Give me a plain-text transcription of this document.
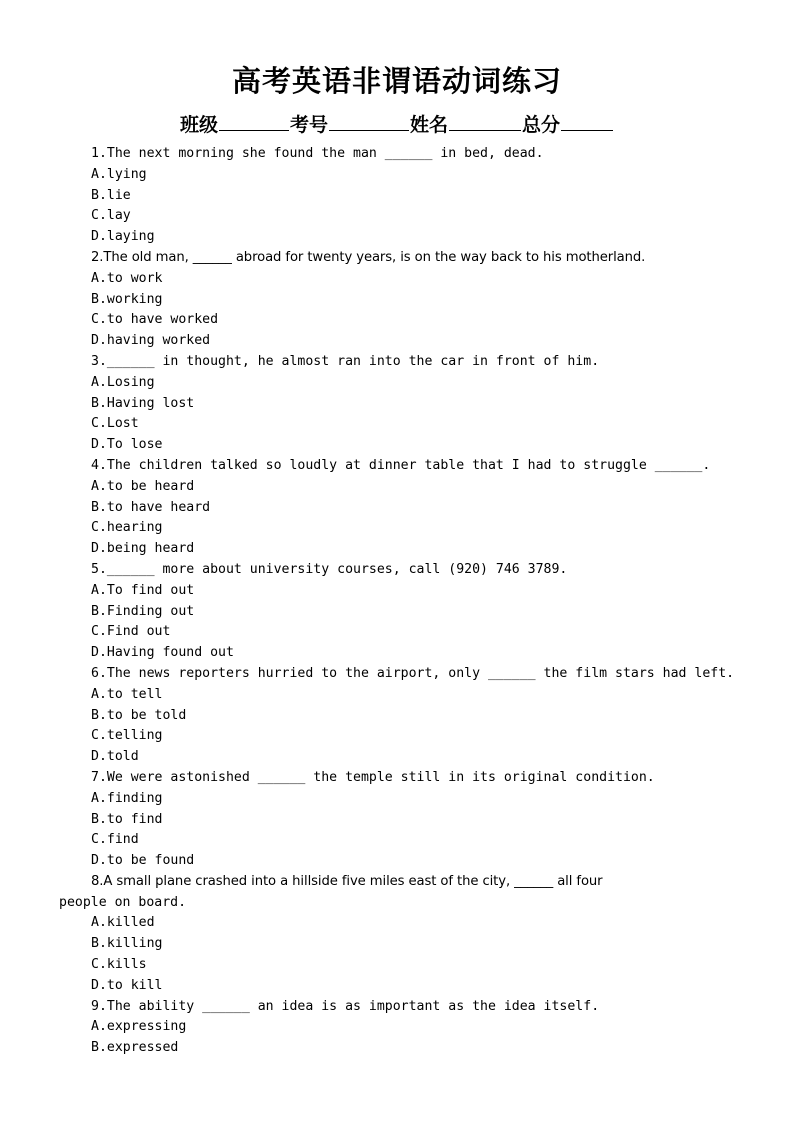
高考英语非谓语动词练习
班级	考号	姓名	总分
1.The next morning she found the man ______ in bed, dead.
A.lying
B.lie
C.lay
D.laying
2.The old man, ______ abroad for twenty years, is on the way back to his motherland.
A.to work
B.working
C.to have worked
D.having worked
3.______ in thought, he almost ran into the car in front of him.
A.Losing
B.Having lost
C.Lost
D.To lose
4.The children talked so loudly at dinner table that I had to struggle ______.
A.to be heard
B.to have heard
C.hearing
D.being heard
5.______ more about university courses, call (920) 746 3789.
A.To find out
B.Finding out
C.Find out
D.Having found out
6.The news reporters hurried to the airport, only ______ the film stars had left.
A.to tell
B.to be told
C.telling
D.told
7.We were astonished ______ the temple still in its original condition.
A.finding
B.to find
C.find
D.to be found
8.A small plane crashed into a hillside five miles east of the city, ______ all four
people on board.
A.killed
B.killing
C.kills
D.to kill
9.The ability ______ an idea is as important as the idea itself.
A.expressing
B.expressed
